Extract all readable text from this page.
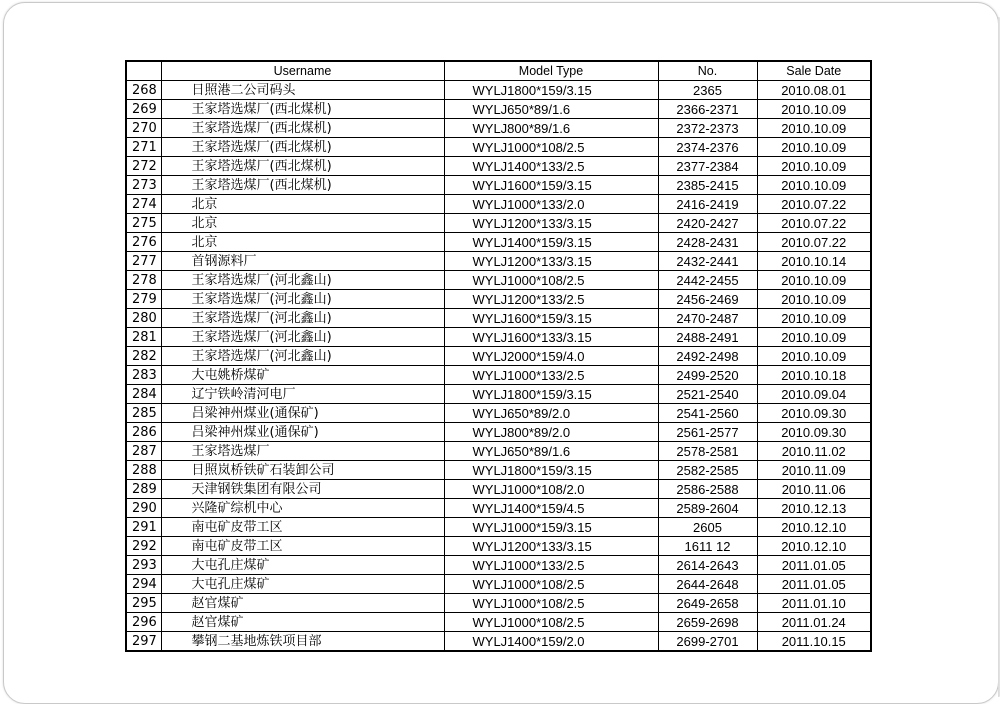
	Username	Model Type	No.	Sale Date
268	日照港二公司码头	WYLJ1800*159/3.15	2365	2010.08.01
269	王家塔选煤厂(西北煤机)	WYLJ650*89/1.6	2366-2371	2010.10.09
270	王家塔选煤厂(西北煤机)	WYLJ800*89/1.6	2372-2373	2010.10.09
271	王家塔选煤厂(西北煤机)	WYLJ1000*108/2.5	2374-2376	2010.10.09
272	王家塔选煤厂(西北煤机)	WYLJ1400*133/2.5	2377-2384	2010.10.09
273	王家塔选煤厂(西北煤机)	WYLJ1600*159/3.15	2385-2415	2010.10.09
274	北京	WYLJ1000*133/2.0	2416-2419	2010.07.22
275	北京	WYLJ1200*133/3.15	2420-2427	2010.07.22
276	北京	WYLJ1400*159/3.15	2428-2431	2010.07.22
277	首钢源料厂	WYLJ1200*133/3.15	2432-2441	2010.10.14
278	王家塔选煤厂(河北鑫山)	WYLJ1000*108/2.5	2442-2455	2010.10.09
279	王家塔选煤厂(河北鑫山)	WYLJ1200*133/2.5	2456-2469	2010.10.09
280	王家塔选煤厂(河北鑫山)	WYLJ1600*159/3.15	2470-2487	2010.10.09
281	王家塔选煤厂(河北鑫山)	WYLJ1600*133/3.15	2488-2491	2010.10.09
282	王家塔选煤厂(河北鑫山)	WYLJ2000*159/4.0	2492-2498	2010.10.09
283	大屯姚桥煤矿	WYLJ1000*133/2.5	2499-2520	2010.10.18
284	辽宁铁岭清河电厂	WYLJ1800*159/3.15	2521-2540	2010.09.04
285	吕梁神州煤业(通保矿)	WYLJ650*89/2.0	2541-2560	2010.09.30
286	吕梁神州煤业(通保矿)	WYLJ800*89/2.0	2561-2577	2010.09.30
287	王家塔选煤厂	WYLJ650*89/1.6	2578-2581	2010.11.02
288	日照岚桥铁矿石装卸公司	WYLJ1800*159/3.15	2582-2585	2010.11.09
289	天津钢铁集团有限公司	WYLJ1000*108/2.0	2586-2588	2010.11.06
290	兴隆矿综机中心	WYLJ1400*159/4.5	2589-2604	2010.12.13
291	南屯矿皮带工区	WYLJ1000*159/3.15	2605	2010.12.10
292	南屯矿皮带工区	WYLJ1200*133/3.15	1611 12	2010.12.10
293	大屯孔庄煤矿	WYLJ1000*133/2.5	2614-2643	2011.01.05
294	大屯孔庄煤矿	WYLJ1000*108/2.5	2644-2648	2011.01.05
295	赵官煤矿	WYLJ1000*108/2.5	2649-2658	2011.01.10
296	赵官煤矿	WYLJ1000*108/2.5	2659-2698	2011.01.24
297	攀钢二基地炼铁项目部	WYLJ1400*159/2.0	2699-2701	2011.10.15
